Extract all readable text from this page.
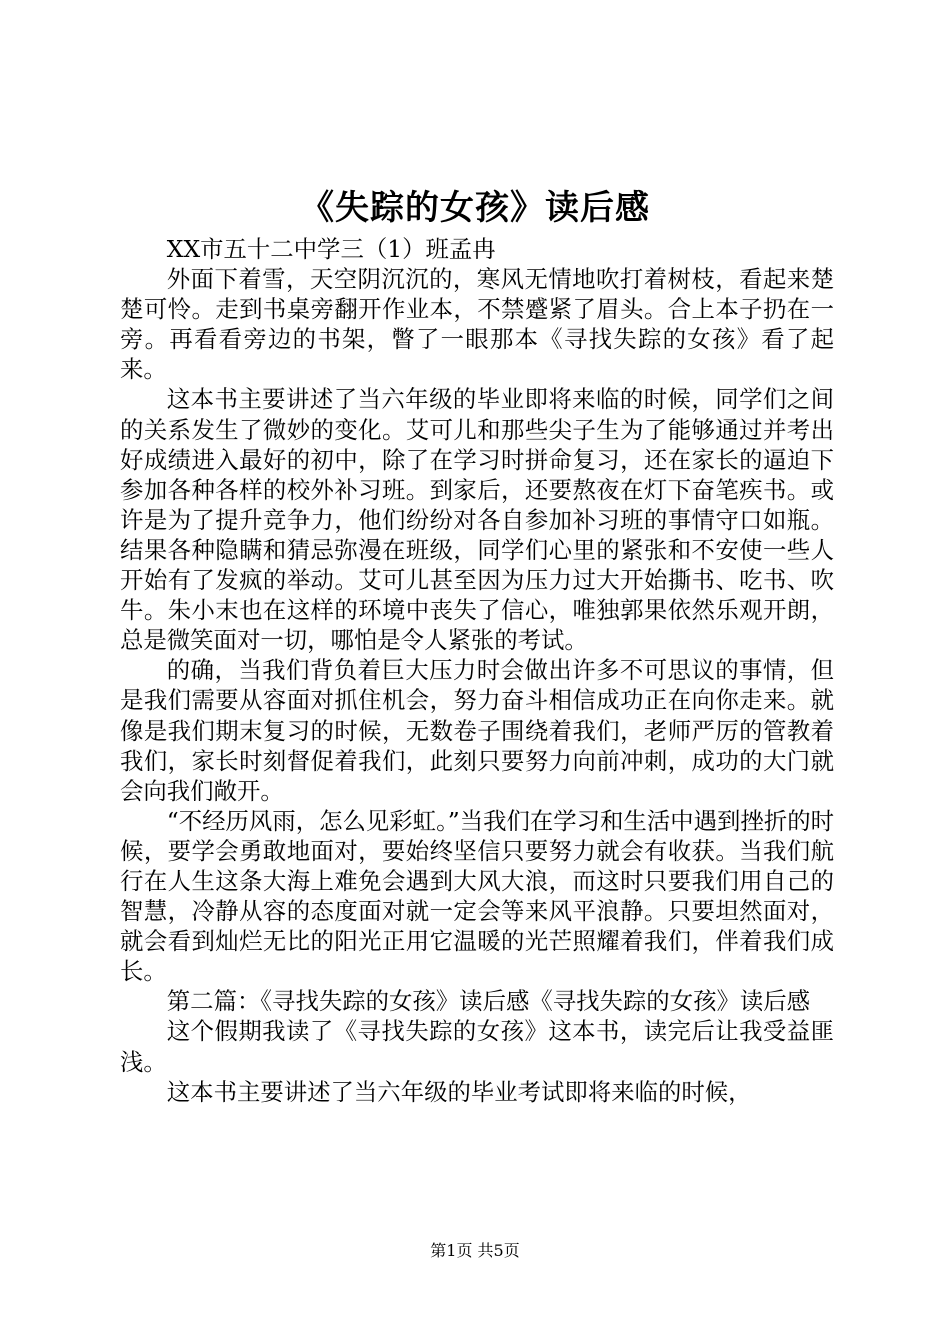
《失踪的女孩》读后感

XX市五十二中学三（1）班孟冉

外面下着雪，天空阴沉沉的，寒风无情地吹打着树枝，看起来楚楚可怜。走到书桌旁翻开作业本，不禁蹙紧了眉头。合上本子扔在一旁。再看看旁边的书架，瞥了一眼那本《寻找失踪的女孩》看了起来。

这本书主要讲述了当六年级的毕业即将来临的时候，同学们之间的关系发生了微妙的变化。艾可儿和那些尖子生为了能够通过并考出好成绩进入最好的初中，除了在学习时拼命复习，还在家长的逼迫下参加各种各样的校外补习班。到家后，还要熬夜在灯下奋笔疾书。或许是为了提升竞争力，他们纷纷对各自参加补习班的事情守口如瓶。结果各种隐瞒和猜忌弥漫在班级，同学们心里的紧张和不安使一些人开始有了发疯的举动。艾可儿甚至因为压力过大开始撕书、吃书、吹牛。朱小末也在这样的环境中丧失了信心，唯独郭果依然乐观开朗，总是微笑面对一切，哪怕是令人紧张的考试。

的确，当我们背负着巨大压力时会做出许多不可思议的事情，但是我们需要从容面对抓住机会，努力奋斗相信成功正在向你走来。就像是我们期末复习的时候，无数卷子围绕着我们，老师严厉的管教着我们，家长时刻督促着我们，此刻只要努力向前冲刺，成功的大门就会向我们敞开。

“不经历风雨，怎么见彩虹。”当我们在学习和生活中遇到挫折的时候，要学会勇敢地面对，要始终坚信只要努力就会有收获。当我们航行在人生这条大海上难免会遇到大风大浪，而这时只要我们用自己的智慧，冷静从容的态度面对就一定会等来风平浪静。只要坦然面对，就会看到灿烂无比的阳光正用它温暖的光芒照耀着我们，伴着我们成长。

第二篇：《寻找失踪的女孩》读后感《寻找失踪的女孩》读后感

这个假期我读了《寻找失踪的女孩》这本书，读完后让我受益匪浅。

这本书主要讲述了当六年级的毕业考试即将来临的时候，

第1页 共5页
